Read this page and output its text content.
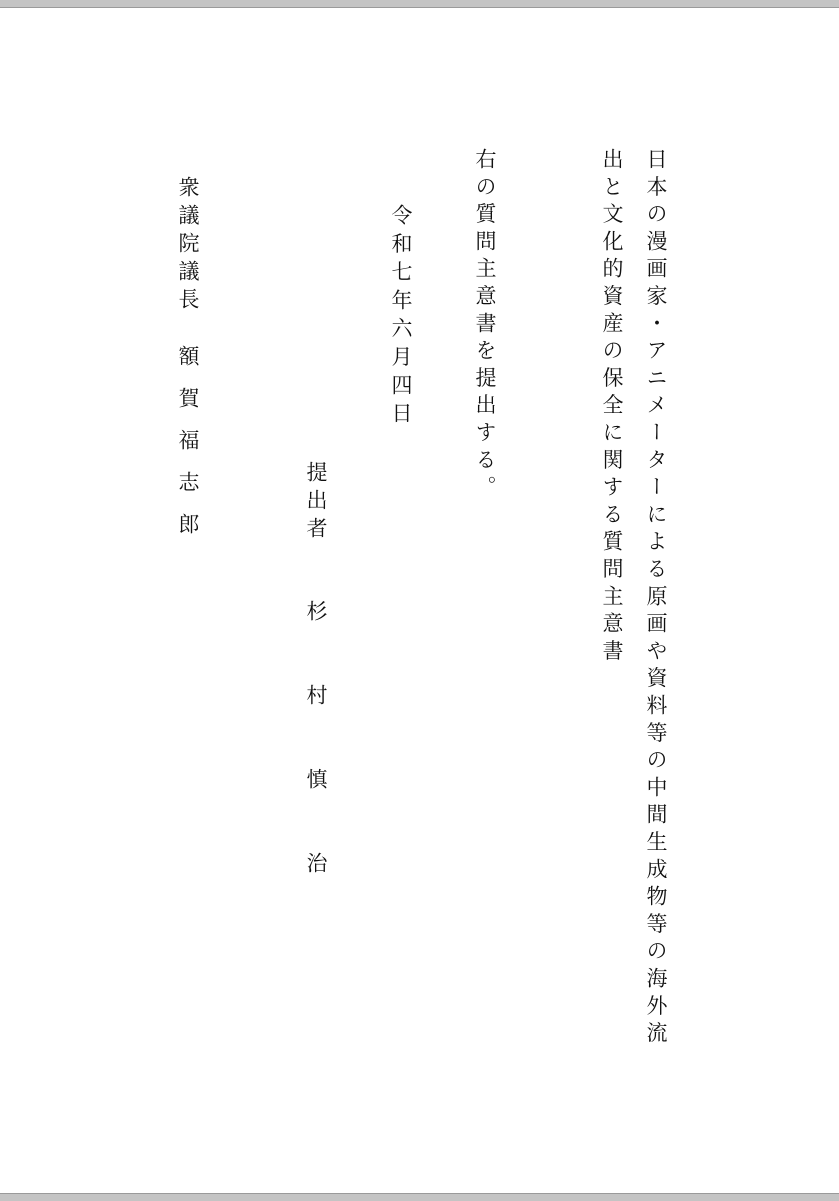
日本の漫画家・アニメーターによる原画や資料等の中間生成物等の海外流
出と文化的資産の保全に関する質問主意書
右の質問主意書を提出する。
令和七年六月四日
提出者
杉村慎治
衆議院議長
額賀福志郎
